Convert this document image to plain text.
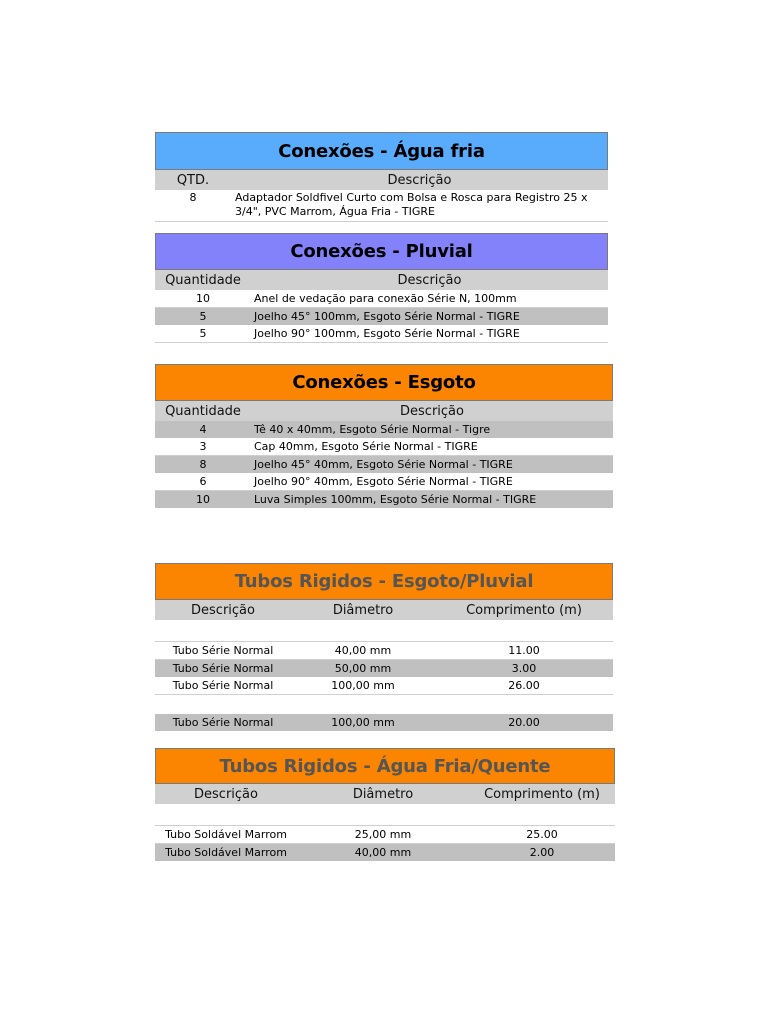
Conexões - Água fria
QTD.	Descrição
8	Adaptador Soldfivel Curto com Bolsa e Rosca para Registro 25 x
3/4", PVC Marrom, Água Fria - TIGRE
Conexões - Pluvial
Quantidade	Descrição
10	Anel de vedação para conexão Série N, 100mm
5	Joelho 45° 100mm, Esgoto Série Normal - TIGRE
5	Joelho 90° 100mm, Esgoto Série Normal - TIGRE
Conexões - Esgoto
Quantidade	Descrição
4	Tê 40 x 40mm, Esgoto Série Normal - Tigre
3	Cap 40mm, Esgoto Série Normal - TIGRE
8	Joelho 45° 40mm, Esgoto Série Normal - TIGRE
6	Joelho 90° 40mm, Esgoto Série Normal - TIGRE
10	Luva Simples 100mm, Esgoto Série Normal - TIGRE
Tubos Rigidos - Esgoto/Pluvial
Descrição	Diâmetro	Comprimento (m)
Tubo Série Normal	40,00 mm	11.00
Tubo Série Normal	50,00 mm	3.00
Tubo Série Normal	100,00 mm	26.00
Tubo Série Normal	100,00 mm	20.00
Tubos Rigidos - Água Fria/Quente
Descrição	Diâmetro	Comprimento (m)
Tubo Soldável Marrom	25,00 mm	25.00
Tubo Soldável Marrom	40,00 mm	2.00
